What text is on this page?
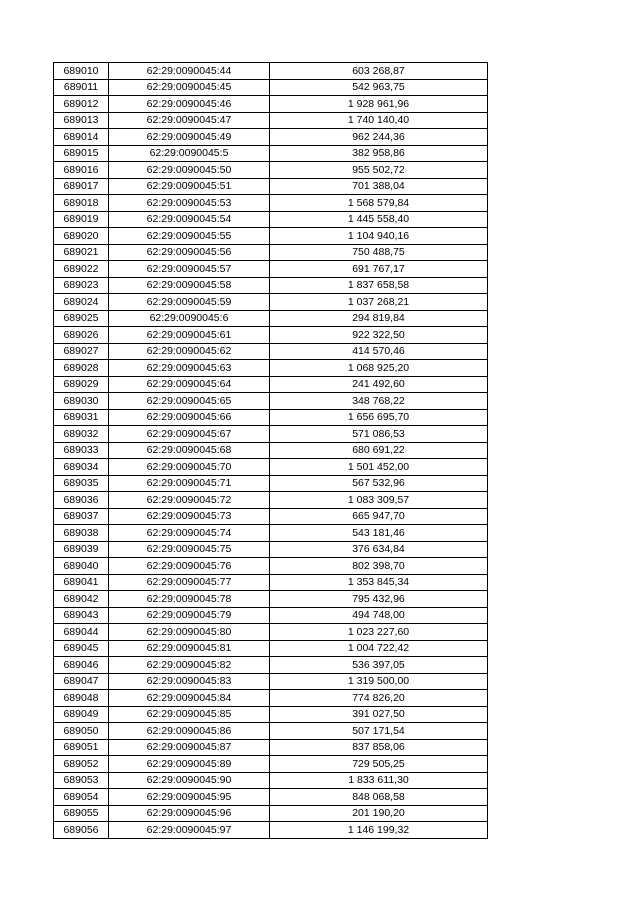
689010	62:29:0090045:44	603 268,87
689011	62:29:0090045:45	542 963,75
689012	62:29:0090045:46	1 928 961,96
689013	62:29:0090045:47	1 740 140,40
689014	62:29:0090045:49	962 244,36
689015	62:29:0090045:5	382 958,86
689016	62:29:0090045:50	955 502,72
689017	62:29:0090045:51	701 388,04
689018	62:29:0090045:53	1 568 579,84
689019	62:29:0090045:54	1 445 558,40
689020	62:29:0090045:55	1 104 940,16
689021	62:29:0090045:56	750 488,75
689022	62:29:0090045:57	691 767,17
689023	62:29:0090045:58	1 837 658,58
689024	62:29:0090045:59	1 037 268,21
689025	62:29:0090045:6	294 819,84
689026	62:29:0090045:61	922 322,50
689027	62:29:0090045:62	414 570,46
689028	62:29:0090045:63	1 068 925,20
689029	62:29:0090045:64	241 492,60
689030	62:29:0090045:65	348 768,22
689031	62:29:0090045:66	1 656 695,70
689032	62:29:0090045:67	571 086,53
689033	62:29:0090045:68	680 691,22
689034	62:29:0090045:70	1 501 452,00
689035	62:29:0090045:71	567 532,96
689036	62:29:0090045:72	1 083 309,57
689037	62:29:0090045:73	665 947,70
689038	62:29:0090045:74	543 181,46
689039	62:29:0090045:75	376 634,84
689040	62:29:0090045:76	802 398,70
689041	62:29:0090045:77	1 353 845,34
689042	62:29:0090045:78	795 432,96
689043	62:29:0090045:79	494 748,00
689044	62:29:0090045:80	1 023 227,60
689045	62:29:0090045:81	1 004 722,42
689046	62:29:0090045:82	536 397,05
689047	62:29:0090045:83	1 319 500,00
689048	62:29:0090045:84	774 826,20
689049	62:29:0090045:85	391 027,50
689050	62:29:0090045:86	507 171,54
689051	62:29:0090045:87	837 858,06
689052	62:29:0090045:89	729 505,25
689053	62:29:0090045:90	1 833 611,30
689054	62:29:0090045:95	848 068,58
689055	62:29:0090045:96	201 190,20
689056	62:29:0090045:97	1 146 199,32
